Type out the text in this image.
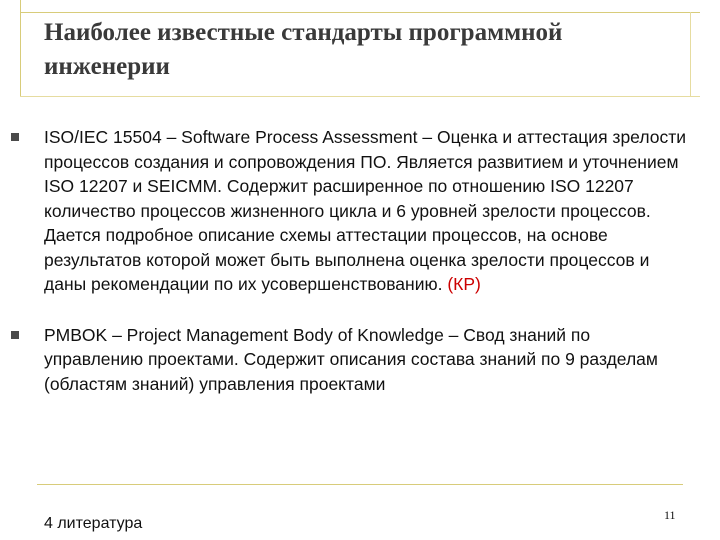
Наиболее известные стандарты программной инженерии
ISO/IEC 15504 – Software Process Assessment – Оценка и аттестация зрелости процессов создания и сопровождения ПО. Является развитием и уточнением ISO 12207 и SEICMM. Содержит расширенное по отношению ISO 12207 количество процессов жизненного цикла и 6 уровней зрелости процессов. Дается подробное описание схемы аттестации процессов, на основе результатов которой может быть выполнена оценка зрелости процессов и даны рекомендации по их усовершенствованию. (КР)
PMBOK – Project Management Body of Knowledge – Свод знаний по управлению проектами. Содержит описания состава знаний по 9 разделам (областям знаний) управления проектами
4 литература	11
